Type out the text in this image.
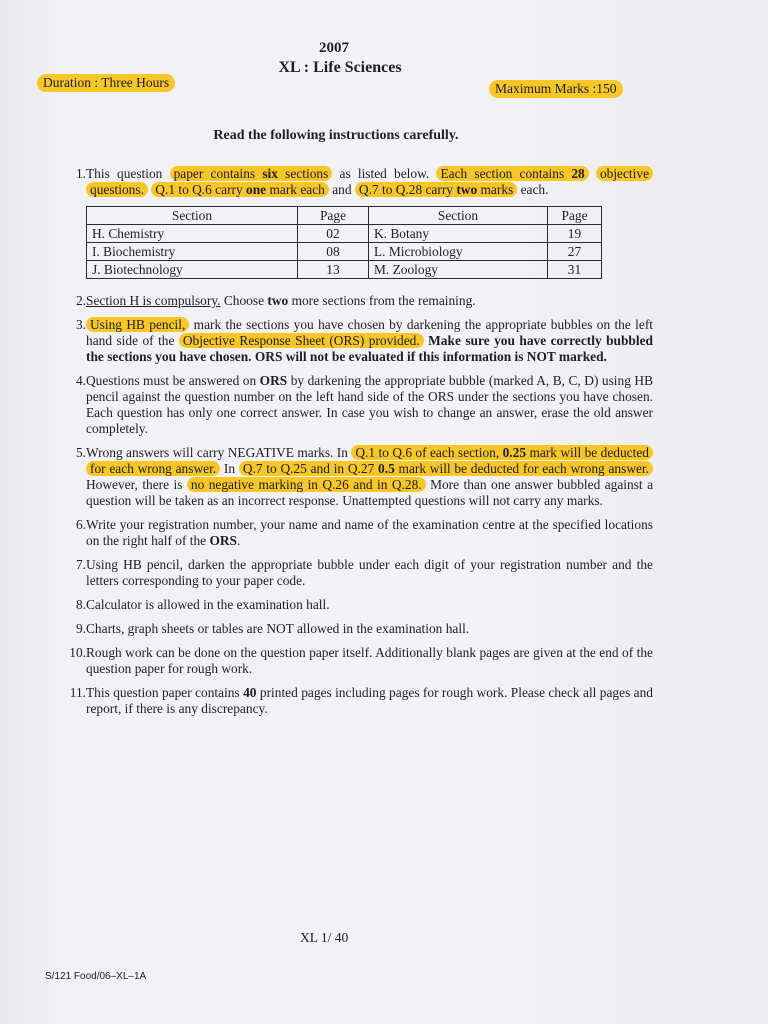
2007
XL : Life Sciences
Duration : Three Hours	Maximum Marks :150
Read the following instructions carefully.
1. This question paper contains six sections as listed below. Each section contains 28 objective questions. Q.1 to Q.6 carry one mark each and Q.7 to Q.28 carry two marks each.

Section	Page	Section	Page
H. Chemistry	02	K. Botany	19
I. Biochemistry	08	L. Microbiology	27
J. Biotechnology	13	M. Zoology	31
2. Section H is compulsory. Choose two more sections from the remaining.

3. Using HB pencil, mark the sections you have chosen by darkening the appropriate bubbles on the left hand side of the Objective Response Sheet (ORS) provided. Make sure you have correctly bubbled the sections you have chosen. ORS will not be evaluated if this information is NOT marked.

4. Questions must be answered on ORS by darkening the appropriate bubble (marked A, B, C, D) using HB pencil against the question number on the left hand side of the ORS under the sections you have chosen. Each question has only one correct answer. In case you wish to change an answer, erase the old answer completely.

5. Wrong answers will carry NEGATIVE marks. In Q.1 to Q.6 of each section, 0.25 mark will be deducted for each wrong answer. In Q.7 to Q.25 and in Q.27 0.5 mark will be deducted for each wrong answer. However, there is no negative marking in Q.26 and in Q.28. More than one answer bubbled against a question will be taken as an incorrect response. Unattempted questions will not carry any marks.

6. Write your registration number, your name and name of the examination centre at the specified locations on the right half of the ORS.

7. Using HB pencil, darken the appropriate bubble under each digit of your registration number and the letters corresponding to your paper code.

8. Calculator is allowed in the examination hall.

9. Charts, graph sheets or tables are NOT allowed in the examination hall.

10. Rough work can be done on the question paper itself. Additionally blank pages are given at the end of the question paper for rough work.

11. This question paper contains 40 printed pages including pages for rough work. Please check all pages and report, if there is any discrepancy.

XL 1/ 40
S/121 Food/06–XL–1A
